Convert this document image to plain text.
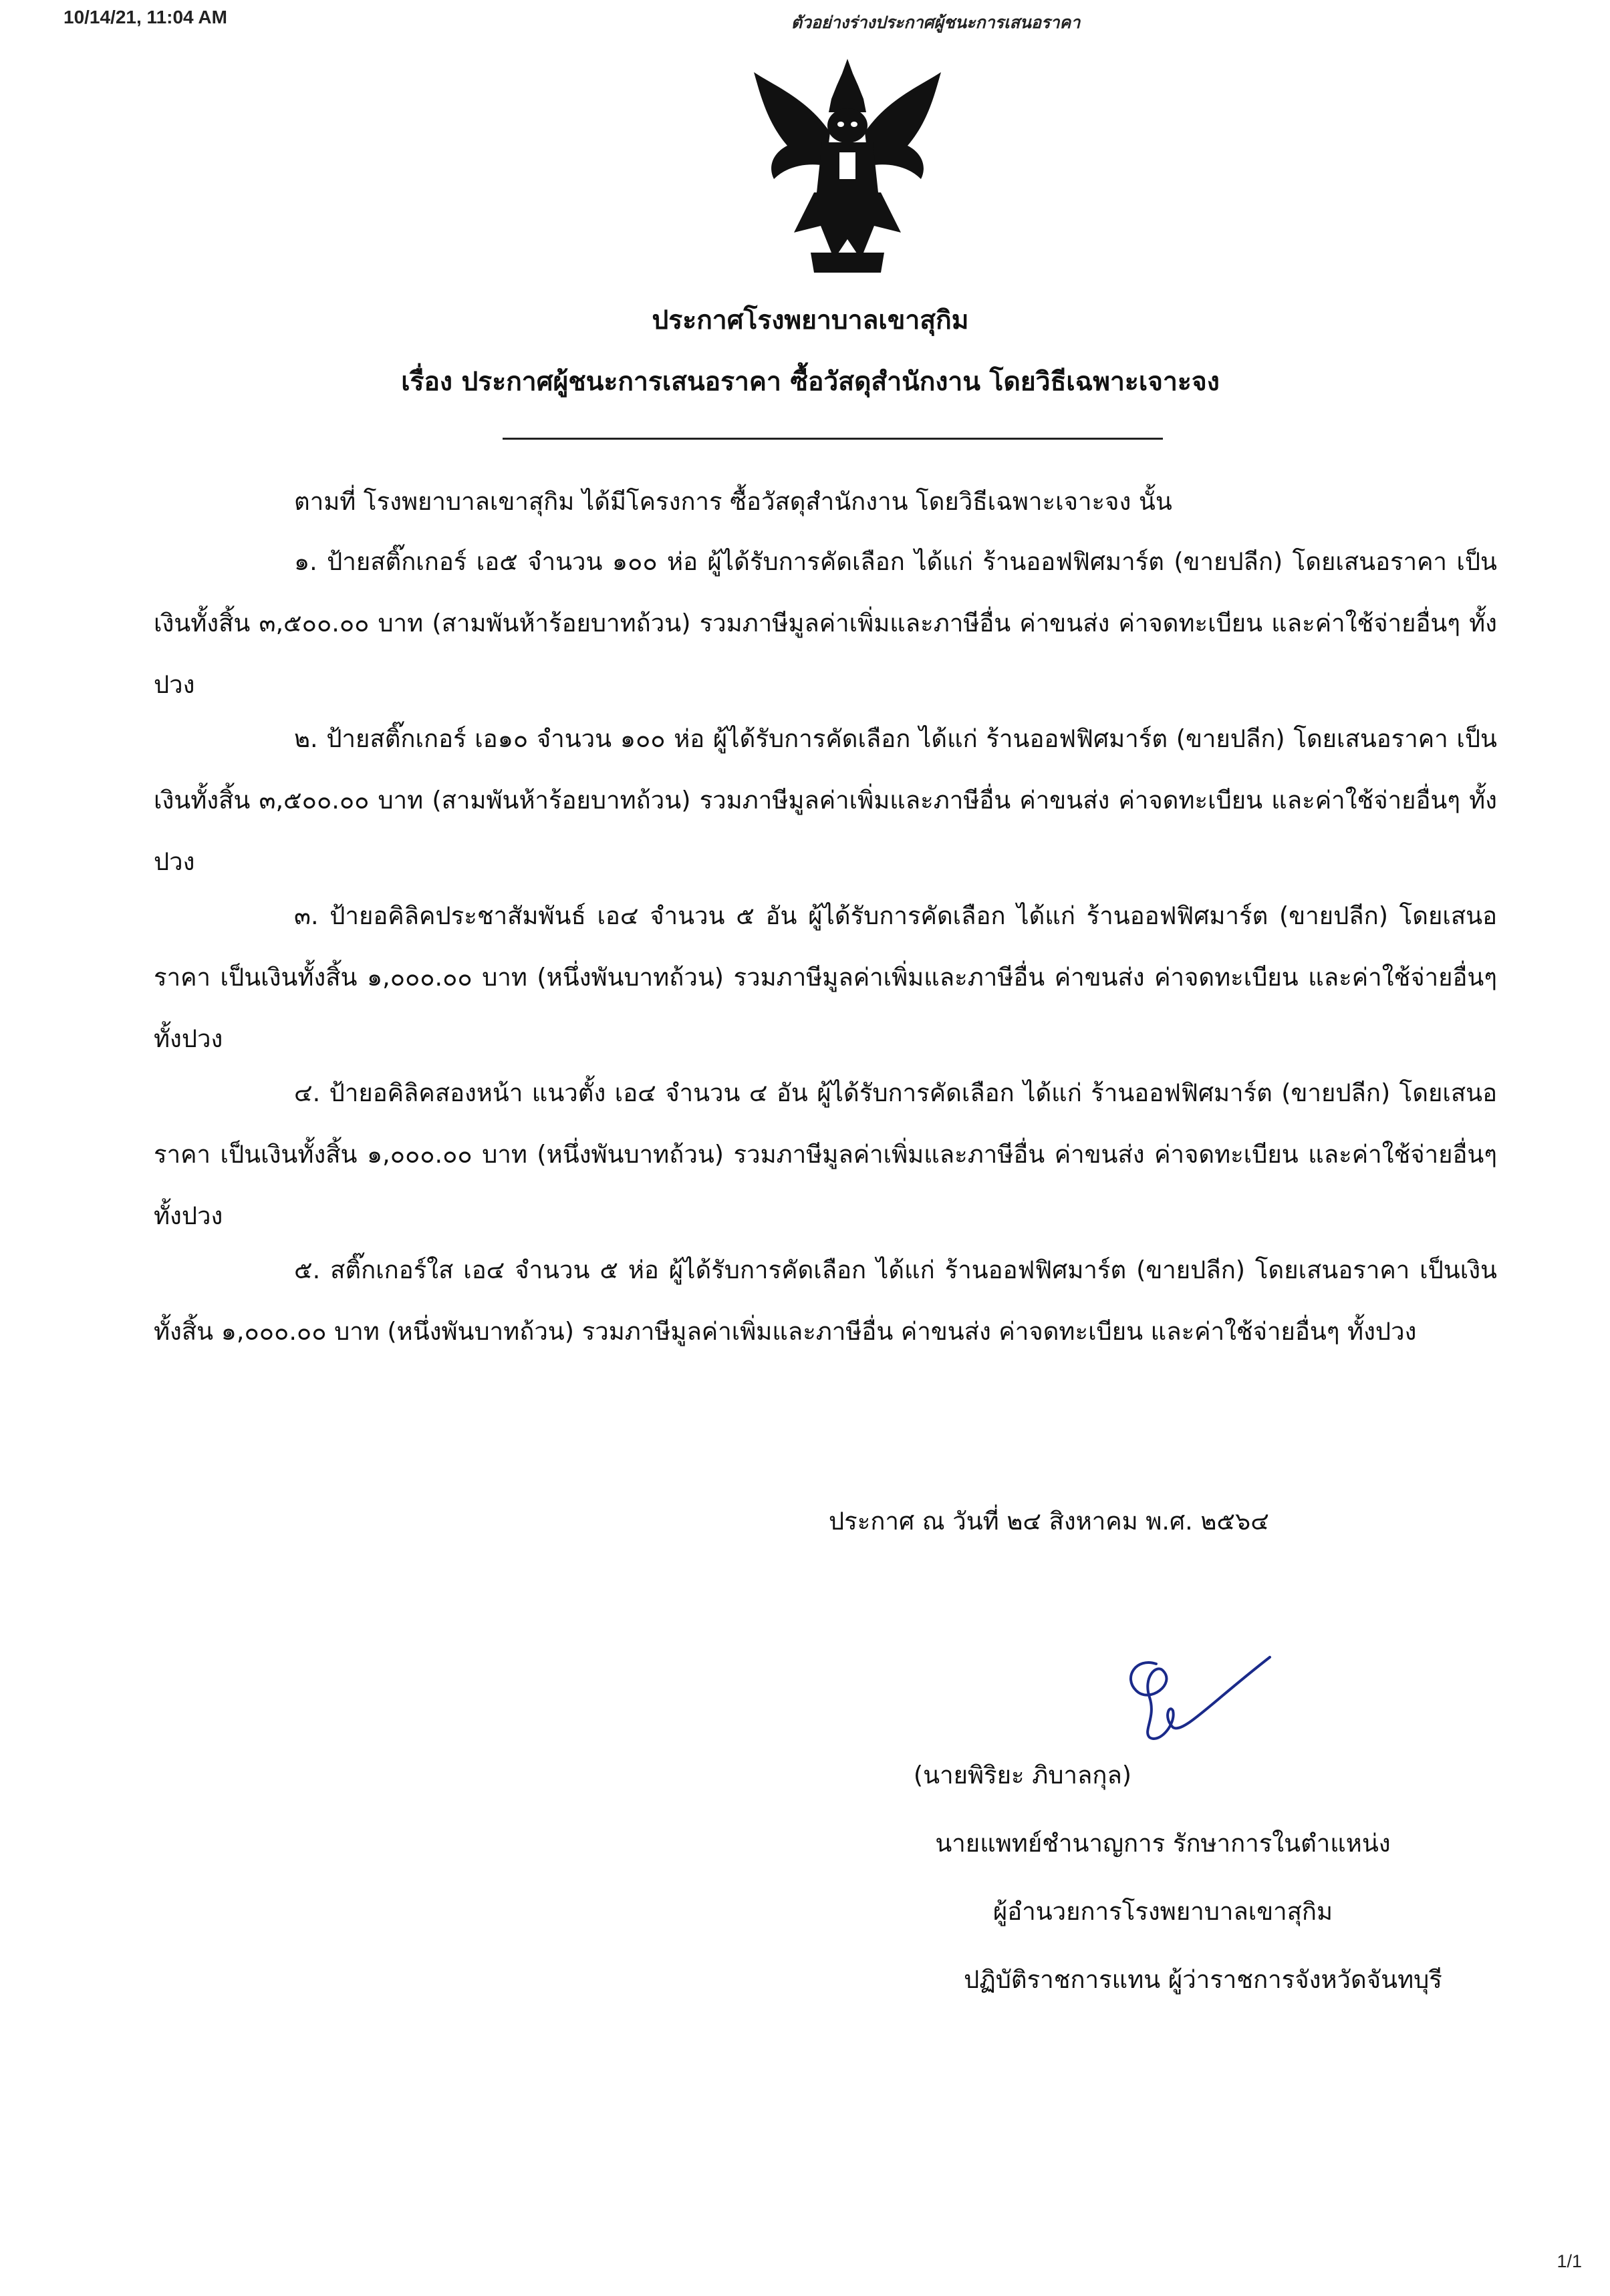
10/14/21, 11:04 AM	ตัวอย่างร่างประกาศผู้ชนะการเสนอราคา
ประกาศโรงพยาบาลเขาสุกิม
เรื่อง ประกาศผู้ชนะการเสนอราคา ซื้อวัสดุสำนักงาน โดยวิธีเฉพาะเจาะจง
ตามที่ โรงพยาบาลเขาสุกิม ได้มีโครงการ ซื้อวัสดุสำนักงาน โดยวิธีเฉพาะเจาะจง นั้น
๑. ป้ายสติ๊กเกอร์ เอ๕ จำนวน ๑๐๐ ห่อ ผู้ได้รับการคัดเลือก ได้แก่ ร้านออฟฟิศมาร์ต (ขายปลีก) โดยเสนอราคา เป็นเงินทั้งสิ้น ๓,๕๐๐.๐๐ บาท (สามพันห้าร้อยบาทถ้วน) รวมภาษีมูลค่าเพิ่มและภาษีอื่น ค่าขนส่ง ค่าจดทะเบียน และค่าใช้จ่ายอื่นๆ ทั้งปวง
๒. ป้ายสติ๊กเกอร์ เอ๑๐ จำนวน ๑๐๐ ห่อ ผู้ได้รับการคัดเลือก ได้แก่ ร้านออฟฟิศมาร์ต (ขายปลีก) โดยเสนอราคา เป็นเงินทั้งสิ้น ๓,๕๐๐.๐๐ บาท (สามพันห้าร้อยบาทถ้วน) รวมภาษีมูลค่าเพิ่มและภาษีอื่น ค่าขนส่ง ค่าจดทะเบียน และค่าใช้จ่ายอื่นๆ ทั้งปวง
๓. ป้ายอคิลิคประชาสัมพันธ์ เอ๔ จำนวน ๕ อัน ผู้ได้รับการคัดเลือก ได้แก่ ร้านออฟฟิศมาร์ต (ขายปลีก) โดยเสนอราคา เป็นเงินทั้งสิ้น ๑,๐๐๐.๐๐ บาท (หนึ่งพันบาทถ้วน) รวมภาษีมูลค่าเพิ่มและภาษีอื่น ค่าขนส่ง ค่าจดทะเบียน และค่าใช้จ่ายอื่นๆ ทั้งปวง
๔. ป้ายอคิลิคสองหน้า แนวตั้ง เอ๔ จำนวน ๔ อัน ผู้ได้รับการคัดเลือก ได้แก่ ร้านออฟฟิศมาร์ต (ขายปลีก) โดยเสนอราคา เป็นเงินทั้งสิ้น ๑,๐๐๐.๐๐ บาท (หนึ่งพันบาทถ้วน) รวมภาษีมูลค่าเพิ่มและภาษีอื่น ค่าขนส่ง ค่าจดทะเบียน และค่าใช้จ่ายอื่นๆ ทั้งปวง
๕. สติ๊กเกอร์ใส เอ๔ จำนวน ๕ ห่อ ผู้ได้รับการคัดเลือก ได้แก่ ร้านออฟฟิศมาร์ต (ขายปลีก) โดยเสนอราคา เป็นเงินทั้งสิ้น ๑,๐๐๐.๐๐ บาท (หนึ่งพันบาทถ้วน) รวมภาษีมูลค่าเพิ่มและภาษีอื่น ค่าขนส่ง ค่าจดทะเบียน และค่าใช้จ่ายอื่นๆ ทั้งปวง
ประกาศ ณ วันที่ ๒๔ สิงหาคม พ.ศ. ๒๕๖๔
(นายพิริยะ ภิบาลกุล)
นายแพทย์ชำนาญการ รักษาการในตำแหน่ง
ผู้อำนวยการโรงพยาบาลเขาสุกิม
ปฏิบัติราชการแทน ผู้ว่าราชการจังหวัดจันทบุรี
1/1
